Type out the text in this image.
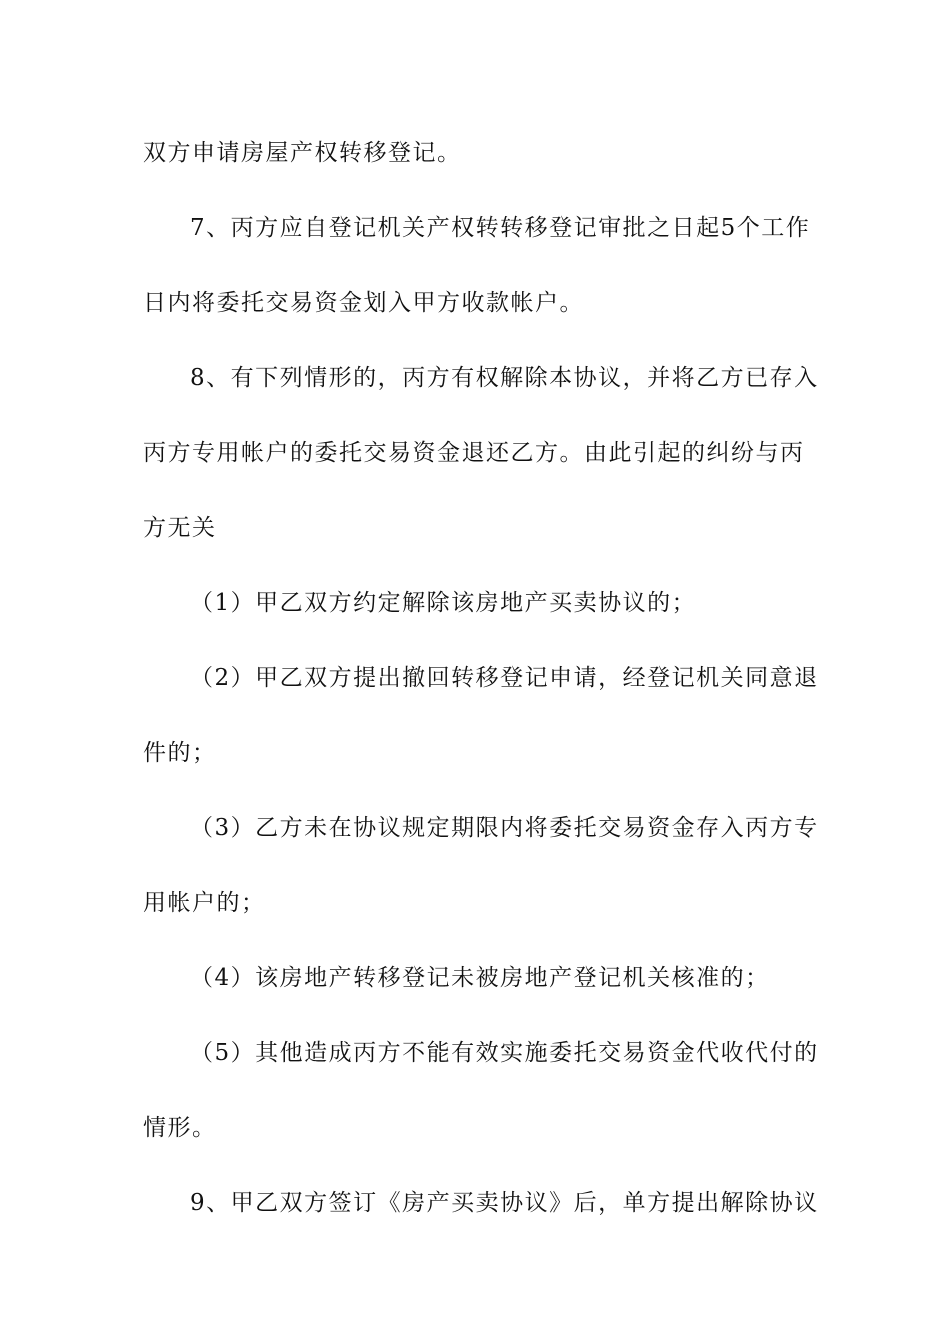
双方申请房屋产权转移登记。
7、丙方应自登记机关产权转转移登记审批之日起5个工作
日内将委托交易资金划入甲方收款帐户。
8、有下列情形的，丙方有权解除本协议，并将乙方已存入
丙方专用帐户的委托交易资金退还乙方。由此引起的纠纷与丙
方无关
（1）甲乙双方约定解除该房地产买卖协议的；
（2）甲乙双方提出撤回转移登记申请，经登记机关同意退
件的；
（3）乙方未在协议规定期限内将委托交易资金存入丙方专
用帐户的；
（4）该房地产转移登记未被房地产登记机关核准的；
（5）其他造成丙方不能有效实施委托交易资金代收代付的
情形。
9、甲乙双方签订《房产买卖协议》后，单方提出解除协议
